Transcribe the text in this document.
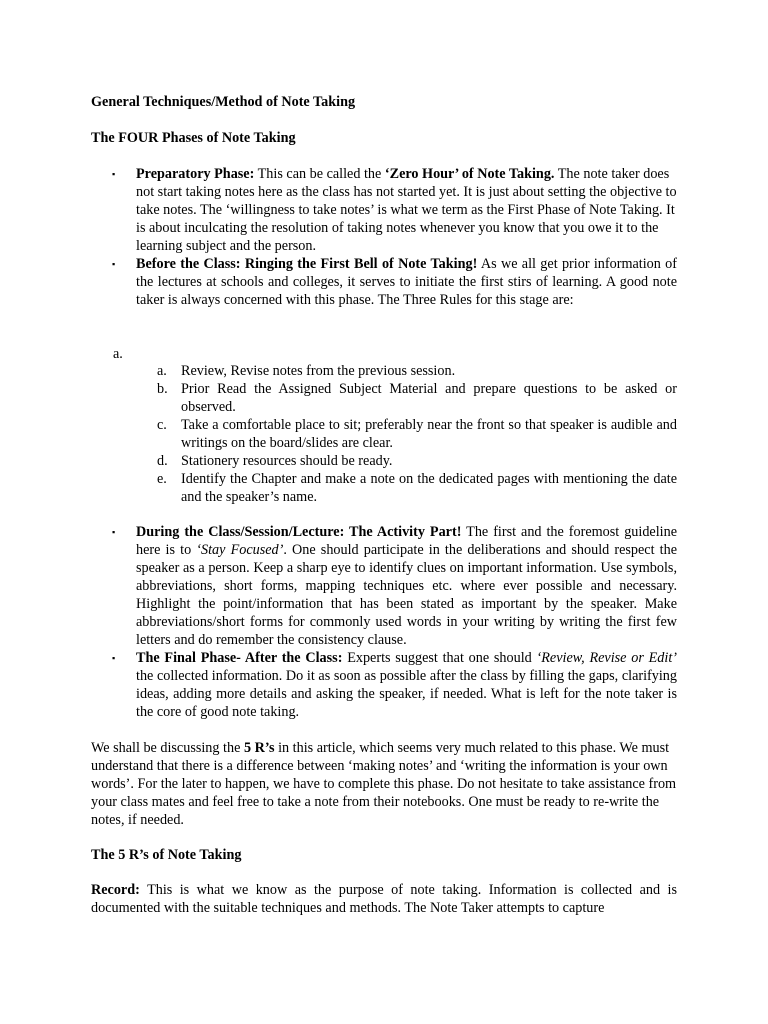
General Techniques/Method of Note Taking

The FOUR Phases of Note Taking

▪ Preparatory Phase: This can be called the ‘Zero Hour’ of Note Taking. The note taker does not start taking notes here as the class has not started yet. It is just about setting the objective to take notes. The ‘willingness to take notes’ is what we term as the First Phase of Note Taking. It is about inculcating the resolution of taking notes whenever you know that you owe it to the learning subject and the person.

▪ Before the Class: Ringing the First Bell of Note Taking! As we all get prior information of the lectures at schools and colleges, it serves to initiate the first stirs of learning. A good note taker is always concerned with this phase. The Three Rules for this stage are:

a.
a. Review, Revise notes from the previous session.
b. Prior Read the Assigned Subject Material and prepare questions to be asked or observed.
c. Take a comfortable place to sit; preferably near the front so that speaker is audible and writings on the board/slides are clear.
d. Stationery resources should be ready.
e. Identify the Chapter and make a note on the dedicated pages with mentioning the date and the speaker’s name.
▪ During the Class/Session/Lecture: The Activity Part! The first and the foremost guideline here is to ‘Stay Focused’. One should participate in the deliberations and should respect the speaker as a person. Keep a sharp eye to identify clues on important information. Use symbols, abbreviations, short forms, mapping techniques etc. where ever possible and necessary. Highlight the point/information that has been stated as important by the speaker. Make abbreviations/short forms for commonly used words in your writing by writing the first few letters and do remember the consistency clause.

▪ The Final Phase- After the Class: Experts suggest that one should ‘Review, Revise or Edit’ the collected information. Do it as soon as possible after the class by filling the gaps, clarifying ideas, adding more details and asking the speaker, if needed. What is left for the note taker is the core of good note taking.

We shall be discussing the 5 R’s in this article, which seems very much related to this phase. We must understand that there is a difference between ‘making notes’ and ‘writing the information is your own words’. For the later to happen, we have to complete this phase. Do not hesitate to take assistance from your class mates and feel free to take a note from their notebooks. One must be ready to re-write the notes, if needed.

The 5 R’s of Note Taking

Record: This is what we know as the purpose of note taking. Information is collected and is documented with the suitable techniques and methods. The Note Taker attempts to capture
